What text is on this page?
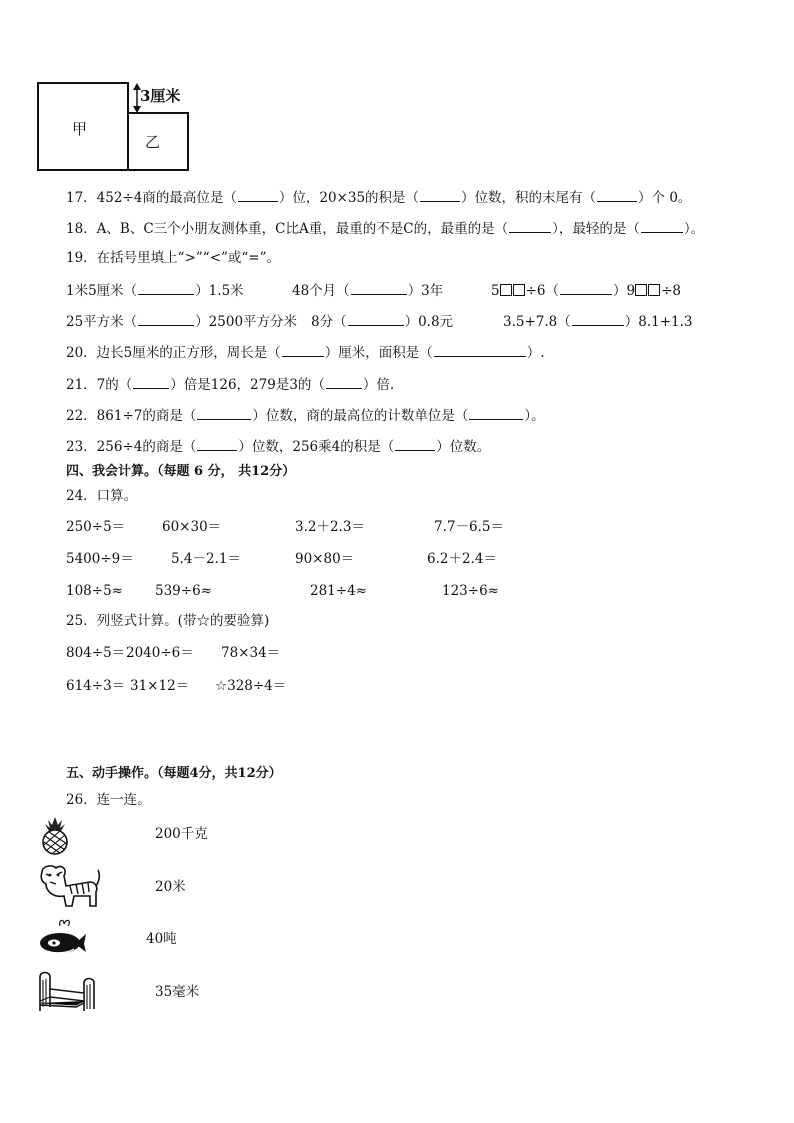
甲
乙
3厘米
17．452÷4商的最高位是（	）位，20×35的积是（	）位数，积的末尾有（	）个 0。
18．A、B、C三个小朋友测体重，C比A重，最重的不是C的，最重的是（	），最轻的是（	）。
19．在括号里填上“>”“<”或“=”。
1米5厘米（	）1.5米	48个月（	）3年	5 ÷6（	）9 ÷8
25平方米（	）2500平方分米 8分（	）0.8元	3.5+7.8（	）8.1+1.3
20．边长5厘米的正方形，周长是（	）厘米，面积是（	）.
21．7的（	）倍是126，279是3的（	）倍.
22．861÷7的商是（	）位数，商的最高位的计数单位是（	）。
23．256÷4的商是（	）位数，256乘4的积是（	）位数。
四、我会计算。（每题 6 分， 共12分）
24．口算。
250÷5＝	60×30＝	3.2＋2.3＝	7.7－6.5＝
5400÷9＝	5.4－2.1＝	90×80＝	6.2＋2.4＝
108÷5≈ 539÷6≈	281÷4≈	123÷6≈
25．列竖式计算。(带☆的要验算)
804÷5＝ 2040÷6＝ 78×34＝
614÷3＝ 31×12＝ ☆328÷4＝
五、动手操作。（每题4分，共12分）
26．连一连。
200千克
20米
40吨
35毫米
